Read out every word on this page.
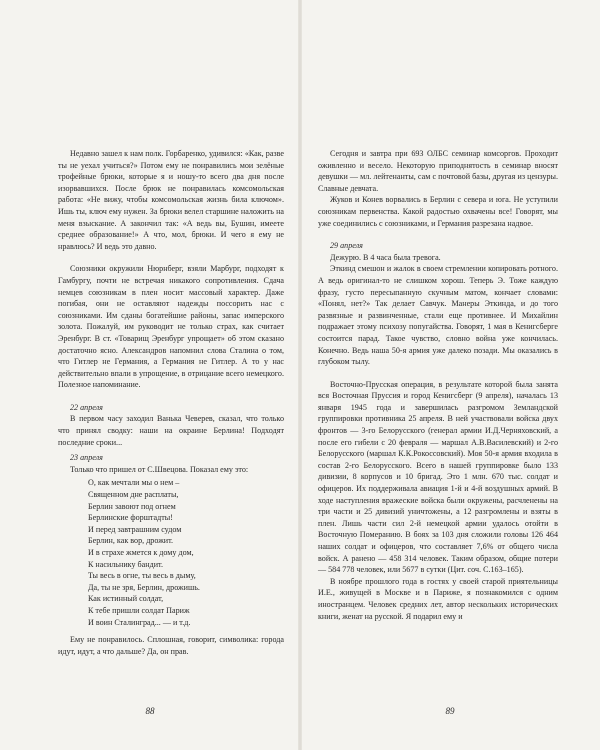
Недавно зашел к нам полк. Горбаренко, удивился: «Как, разве ты не уехал учиться?» Потом ему не понравились мои зелёные трофейные брюки, которые я и ношу-то всего два дня после изорвавшихся. После брюк не понравилась комсомольская работа: «Не вижу, чтобы комсомольская жизнь била ключом». Ишь ты, ключ ему нужен. За брюки велел старшине наложить на меня взыскание. А закончил так: «А ведь вы, Бушин, имеете среднее образование!» А что, мол, брюки. И чего я ему не нравлюсь? И ведь это давно.

Союзники окружили Нюрнберг, взяли Марбург, подходят к Гамбургу, почти не встречая никакого сопротивления. Сдача немцев союзникам в плен носит массовый характер. Даже погибая, они не оставляют надежды поссорить нас с союзниками. Им сданы богатейшие районы, запас имперского золота. Пожалуй, им руководит не только страх, как считает Эренбург. В ст. «Товарищ Эренбург упрощает» об этом сказано достаточно ясно. Александров напомнил слова Сталина о том, что Гитлер не Германия, а Германия не Гитлер. А то у нас действительно впали в упрощение, в отрицание всего немецкого. Полезное напоминание.

22 апреля

В первом часу заходил Ванька Чеверев, сказал, что только что принял сводку: наши на окраине Берлина! Подходят последние сроки...

23 апреля

Только что пришел от С.Швецова. Показал ему это:

О, как мечтали мы о нем –
Священном дне расплаты,
Берлин завоют под огнем
Берлинские форштадты!
И перед завтрашним судом
Берлин, как вор, дрожит.
И в страхе жмется к дому дом,
К насильнику бандит.
Ты весь в огне, ты весь в дыму,
Да, ты не зря, Берлин, дрожишь.
Как истинный солдат,
К тебе пришли солдат Париж
И воин Сталинград... — и т.д.

Ему не понравилось. Сплошная, говорит, символика: города идут, идут, а что дальше? Да, он прав.

88

Сегодня и завтра при 693 ОЛБС семинар комсоргов. Проходит оживленно и весело. Некоторую приподнятость в семинар вносят девушки — мл. лейтенанты, сам с почтовой базы, другая из цензуры. Славные девчата.

Жуков и Конев ворвались в Берлин с севера и юга. Не уступили союзникам первенства. Какой радостью охвачены все! Говорят, мы уже соединились с союзниками, и Германия разрезана надвое.

29 апреля

Дежурю. В 4 часа была тревога.

Эткинд смешон и жалок в своем стремлении копировать ротного. А ведь оригинал-то не слишком хорош. Теперь Э. Тоже каждую фразу, густо пересыпанную скучным матом, кончает словами: «Понял, нет?» Так делает Савчук. Манеры Эткинда, и до того развязные и развинченные, стали еще противнее. И Михайлин подражает этому психозу попугайства. Говорят, 1 мая в Кенигсберге состоится парад. Такое чувство, словно война уже кончилась. Конечно. Ведь наша 50-я армия уже далеко позади. Мы оказались в глубоком тылу.

Восточно-Прусская операция, в результате которой была занята вся Восточная Пруссия и город Кенигсберг (9 апреля), началась 13 января 1945 года и завершилась разгромом Земландской группировки противника 25 апреля. В ней участвовали войска двух фронтов — 3-го Белорусского (генерал армии И.Д.Черняховский, а после его гибели с 20 февраля — маршал А.В.Василевский) и 2-го Белорусского (маршал К.К.Рокоссовский). Моя 50-я армия входила в состав 2-го Белорусского. Всего в нашей группировке было 133 дивизии, 8 корпусов и 10 бригад. Это 1 млн. 670 тыс. солдат и офицеров. Их поддерживала авиация 1-й и 4-й воздушных армий. В ходе наступления вражеские войска были окружены, расчленены на три части и 25 дивизий уничтожены, а 12 разгромлены и взяты в плен. Лишь части сил 2-й немецкой армии удалось отойти в Восточную Померанию. В боях за 103 дня сложили головы 126 464 наших солдат и офицеров, что составляет 7,6% от общего числа войск. А ранено — 458 314 человек. Таким образом, общие потери — 584 778 человек, или 5677 в сутки (Цит. соч. С.163–165).

В ноябре прошлого года в гостях у своей старой приятельницы И.Е., живущей в Москве и в Париже, я познакомился с одним иностранцем. Человек средних лет, автор нескольких исторических книги, женат на русской. Я подарил ему и

89
